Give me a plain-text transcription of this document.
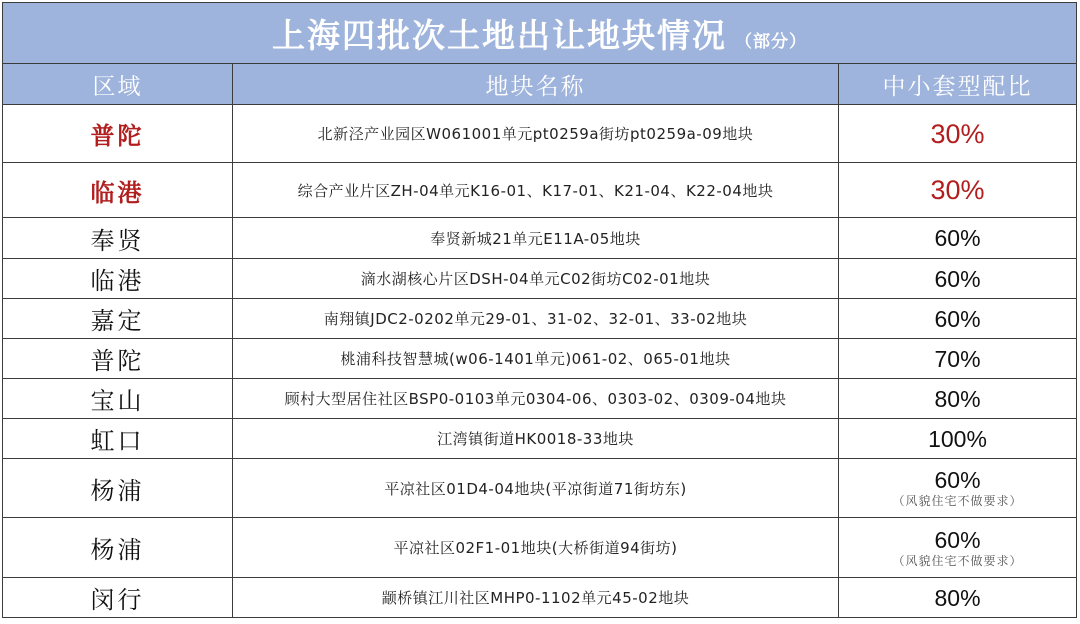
上海四批次土地出让地块情况 （部分）		
区域	地块名称	中小套型配比
普陀	北新泾产业园区W061001单元pt0259a街坊pt0259a-09地块	30%
临港	综合产业片区ZH-04单元K16-01、K17-01、K21-04、K22-04地块	30%
奉贤	奉贤新城21单元E11A-05地块	60%
临港	滴水湖核心片区DSH-04单元C02街坊C02-01地块	60%
嘉定	南翔镇JDC2-0202单元29-01、31-02、32-01、33-02地块	60%
普陀	桃浦科技智慧城(w06-1401单元)061-02、065-01地块	70%
宝山	顾村大型居住社区BSP0-0103单元0304-06、0303-02、0309-04地块	80%
虹口	江湾镇街道HK0018-33地块	100%
杨浦	平凉社区01D4-04地块(平凉街道71街坊东)	60%
（风貌住宅不做要求）

杨浦	平凉社区02F1-01地块(大桥街道94街坊)	60%
（风貌住宅不做要求）

闵行	颛桥镇江川社区MHP0-1102单元45-02地块	80%
